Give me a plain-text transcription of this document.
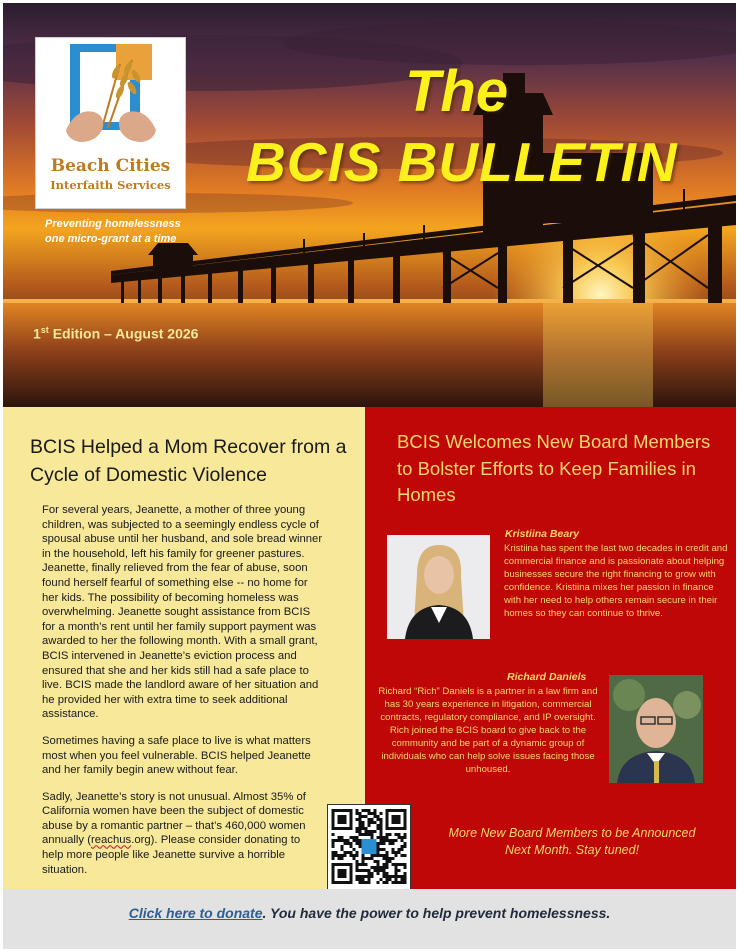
Beach Cities
Interfaith Services
Preventing homelessness
one micro-grant at a time
The
BCIS BULLETIN
1st Edition – August 2026
BCIS Helped a Mom Recover from a Cycle of Domestic Violence

For several years, Jeanette, a mother of three young children, was subjected to a seemingly endless cycle of spousal abuse until her husband, and sole bread winner in the household, left his family for greener pastures. Jeanette, finally relieved from the fear of abuse, soon found herself fearful of something else -- no home for her kids. The possibility of becoming homeless was overwhelming. Jeanette sought assistance from BCIS for a month’s rent until her family support payment was awarded to her the following month. With a small grant, BCIS intervened in Jeanette’s eviction process and ensured that she and her kids still had a safe place to live. BCIS made the landlord aware of her situation and he provided her with extra time to seek additional assistance.

Sometimes having a safe place to live is what matters most when you feel vulnerable. BCIS helped Jeanette and her family begin anew without fear.

Sadly, Jeanette’s story is not unusual. Almost 35% of California women have been the subject of domestic abuse by a romantic partner – that’s 460,000 women annually (reachus.org). Please consider donating to help more people like Jeanette survive a horrible situation.

BCIS Welcomes New Board Members to Bolster Efforts to Keep Families in Homes
Kristiina Beary
Kristiina has spent the last two decades in credit and commercial finance and is passionate about helping businesses secure the right financing to grow with confidence. Kristiina mixes her passion in finance with her need to help others remain secure in their homes so they can continue to thrive.
Richard Daniels
Richard “Rich” Daniels is a partner in a law firm and has 30 years experience in litigation, commercial contracts, regulatory compliance, and IP oversight. Rich joined the BCIS board to give back to the community and be part of a dynamic group of individuals who can help solve issues facing those unhoused.
More New Board Members to be Announced Next Month. Stay tuned!
Click here to donate. You have the power to help prevent homelessness.
